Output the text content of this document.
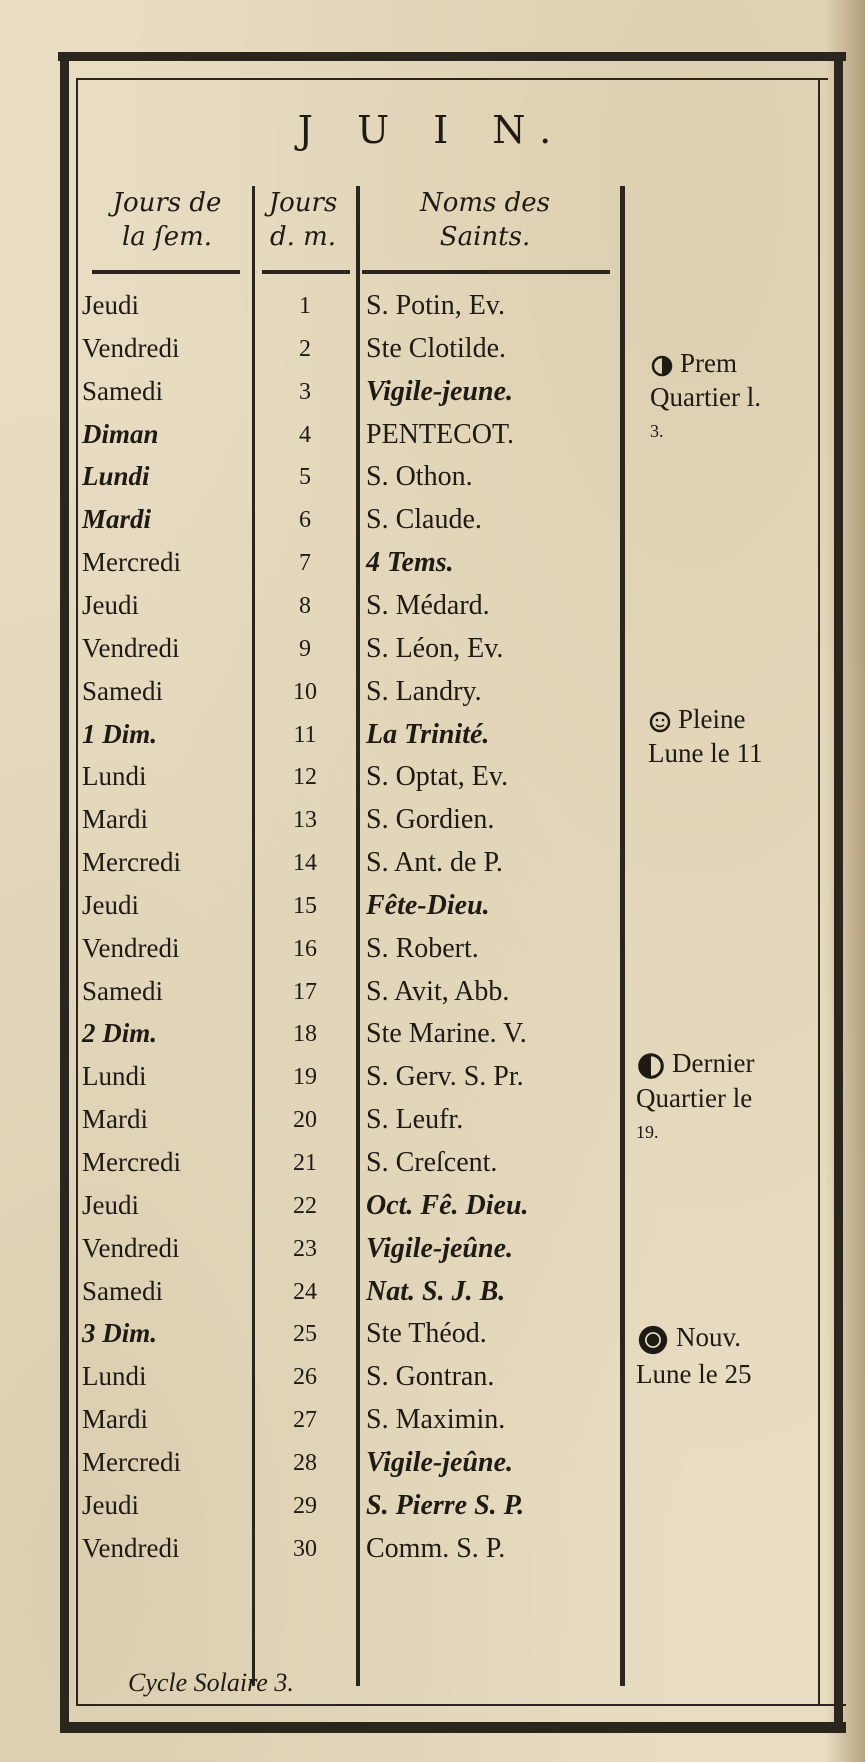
J U I N.
Jours de
la ſem.
Jours
d. m.
Noms des
Saints.
Jeudi	1	S. Potin, Ev.
Vendredi	2	Ste Clotilde.
Samedi	3	Vigile-jeune.
Diman	4	PENTECOT.
Lundi	5	S. Othon.
Mardi	6	S. Claude.
Mercredi	7	4 Tems.
Jeudi	8	S. Médard.
Vendredi	9	S. Léon, Ev.
Samedi	10	S. Landry.
1 Dim.	11	La Trinité.
Lundi	12	S. Optat, Ev.
Mardi	13	S. Gordien.
Mercredi	14	S. Ant. de P.
Jeudi	15	Fête-Dieu.
Vendredi	16	S. Robert.
Samedi	17	S. Avit, Abb.
2 Dim.	18	Ste Marine. V.
Lundi	19	S. Gerv. S. Pr.
Mardi	20	S. Leufr.
Mercredi	21	S. Creſcent.
Jeudi	22	Oct. Fê. Dieu.
Vendredi	23	Vigile-jeûne.
Samedi	24	Nat. S. J. B.
3 Dim.	25	Ste Théod.
Lundi	26	S. Gontran.
Mardi	27	S. Maximin.
Mercredi	28	Vigile-jeûne.
Jeudi	29	S. Pierre S. P.
Vendredi	30	Comm. S. P.
Prem
Quartier l.
3.
Pleine
Lune le 11
Dernier
Quartier le
19.
Nouv.
Lune le 25
Cycle Solaire 3.
